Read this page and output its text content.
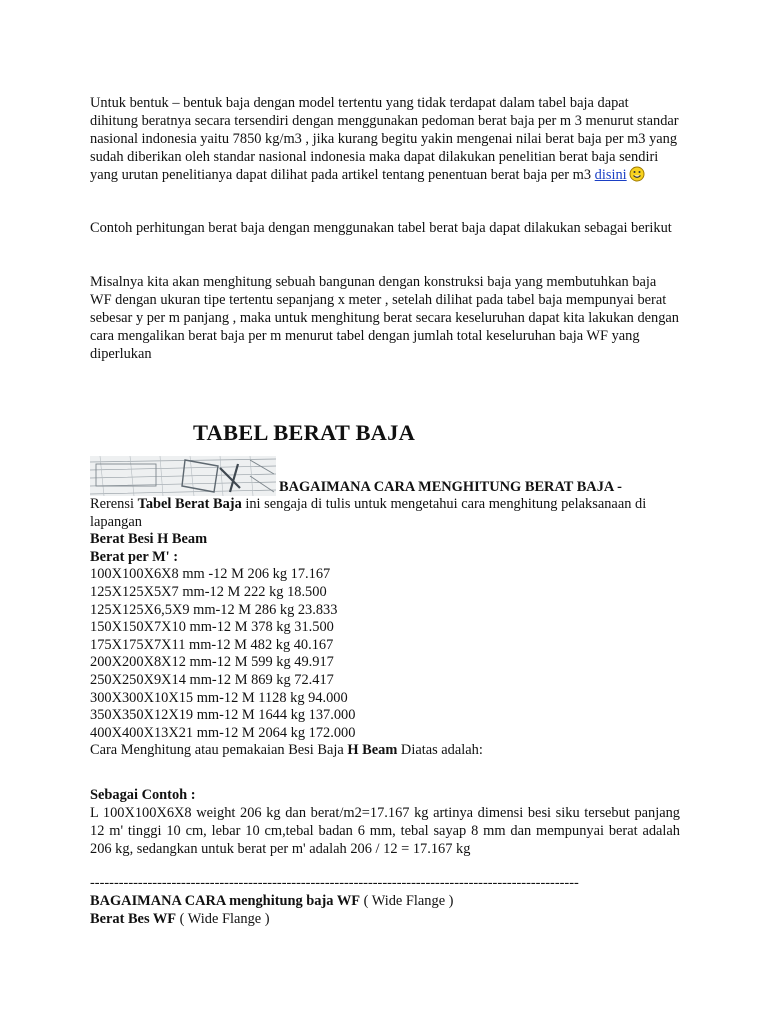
Untuk bentuk – bentuk baja dengan model tertentu yang tidak terdapat dalam tabel baja dapat dihitung beratnya secara tersendiri dengan menggunakan pedoman berat baja per m 3 menurut standar nasional indonesia yaitu 7850 kg/m3 , jika kurang begitu yakin mengenai nilai berat baja per m3 yang sudah diberikan oleh standar nasional indonesia maka dapat dilakukan penelitian berat baja sendiri yang urutan penelitianya dapat dilihat pada artikel tentang penentuan berat baja per m3 disini

Contoh perhitungan berat baja dengan menggunakan tabel berat baja dapat dilakukan sebagai berikut

Misalnya kita akan menghitung sebuah bangunan dengan konstruksi baja yang membutuhkan baja WF dengan ukuran tipe tertentu sepanjang x meter , setelah dilihat pada tabel baja mempunyai berat sebesar y per m panjang , maka untuk menghitung berat secara keseluruhan dapat kita lakukan dengan cara mengalikan berat baja per m menurut tabel dengan jumlah total keseluruhan baja WF yang diperlukan

TABEL BERAT BAJA

BAGAIMANA CARA MENGHITUNG BERAT BAJA -

Rerensi Tabel Berat Baja ini sengaja di tulis untuk mengetahui cara menghitung pelaksanaan di lapangan

Berat Besi H Beam

Berat per M' :

100X100X6X8 mm -12 M 206 kg 17.167

125X125X5X7 mm-12 M 222 kg 18.500

125X125X6,5X9 mm-12 M 286 kg 23.833

150X150X7X10 mm-12 M 378 kg 31.500

175X175X7X11 mm-12 M 482 kg 40.167

200X200X8X12 mm-12 M 599 kg 49.917

250X250X9X14 mm-12 M 869 kg 72.417

300X300X10X15 mm-12 M 1128 kg 94.000

350X350X12X19 mm-12 M 1644 kg 137.000

400X400X13X21 mm-12 M 2064 kg 172.000

Cara Menghitung atau pemakaian Besi Baja H Beam Diatas adalah:

Sebagai Contoh :

L 100X100X6X8 weight 206 kg dan berat/m2=17.167 kg artinya dimensi besi siku tersebut panjang 12 m' tinggi 10 cm, lebar 10 cm,tebal badan 6 mm, tebal sayap 8 mm dan mempunyai berat adalah 206 kg, sedangkan untuk berat per m' adalah 206 / 12 = 17.167 kg

------------------------------------------------------------------------------------------------------

BAGAIMANA CARA menghitung baja WF ( Wide Flange )

Berat Bes WF ( Wide Flange )
